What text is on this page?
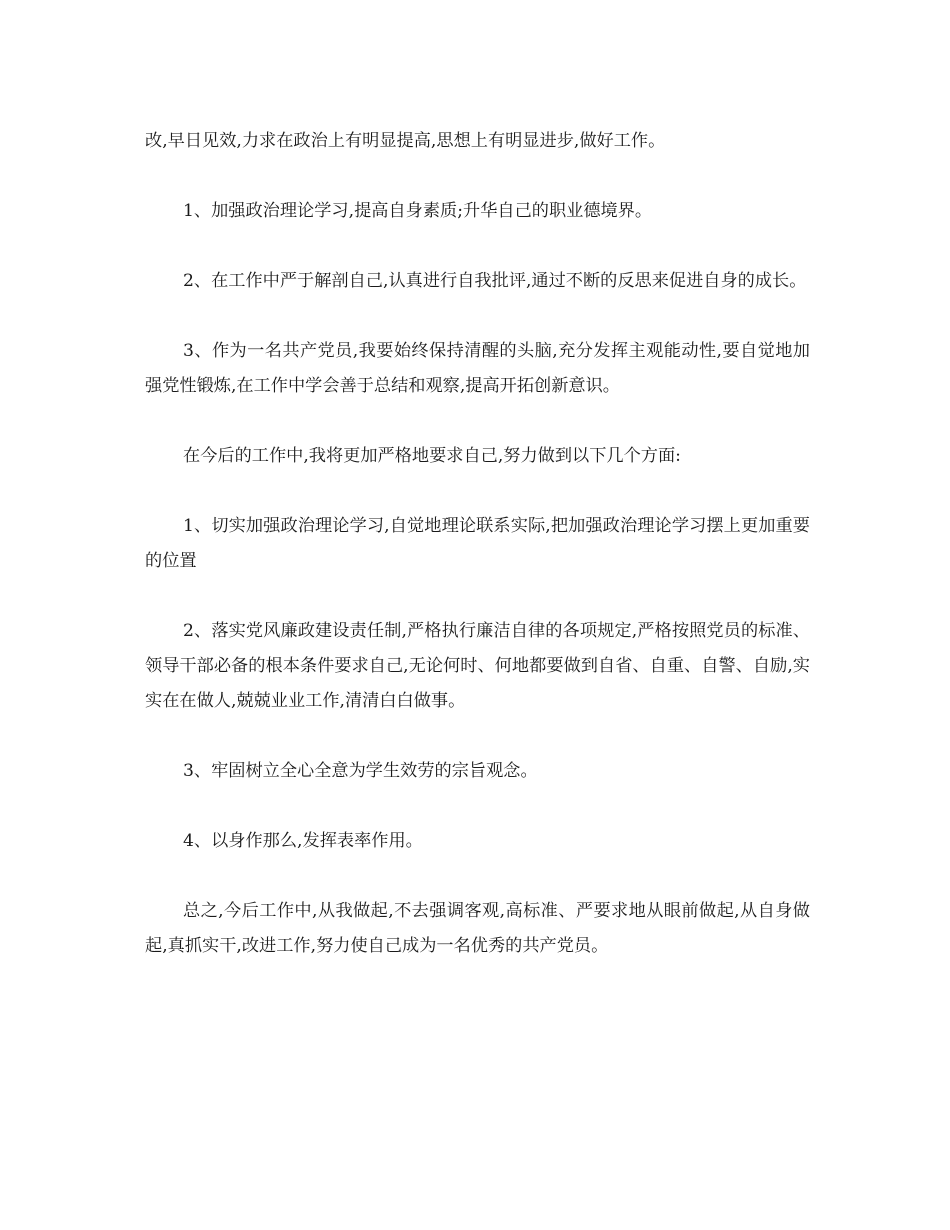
改,早日见效,力求在政治上有明显提高,思想上有明显进步,做好工作。

1、加强政治理论学习,提高自身素质;升华自己的职业德境界。

2、在工作中严于解剖自己,认真进行自我批评,通过不断的反思来促进自身的成长。

3、作为一名共产党员,我要始终保持清醒的头脑,充分发挥主观能动性,要自觉地加强党性锻炼,在工作中学会善于总结和观察,提高开拓创新意识。

在今后的工作中,我将更加严格地要求自己,努力做到以下几个方面:

1、切实加强政治理论学习,自觉地理论联系实际,把加强政治理论学习摆上更加重要的位置

2、落实党风廉政建设责任制,严格执行廉洁自律的各项规定,严格按照党员的标准、领导干部必备的根本条件要求自己,无论何时、何地都要做到自省、自重、自警、自励,实实在在做人,兢兢业业工作,清清白白做事。

3、牢固树立全心全意为学生效劳的宗旨观念。

4、以身作那么,发挥表率作用。

总之,今后工作中,从我做起,不去强调客观,高标准、严要求地从眼前做起,从自身做起,真抓实干,改进工作,努力使自己成为一名优秀的共产党员。
